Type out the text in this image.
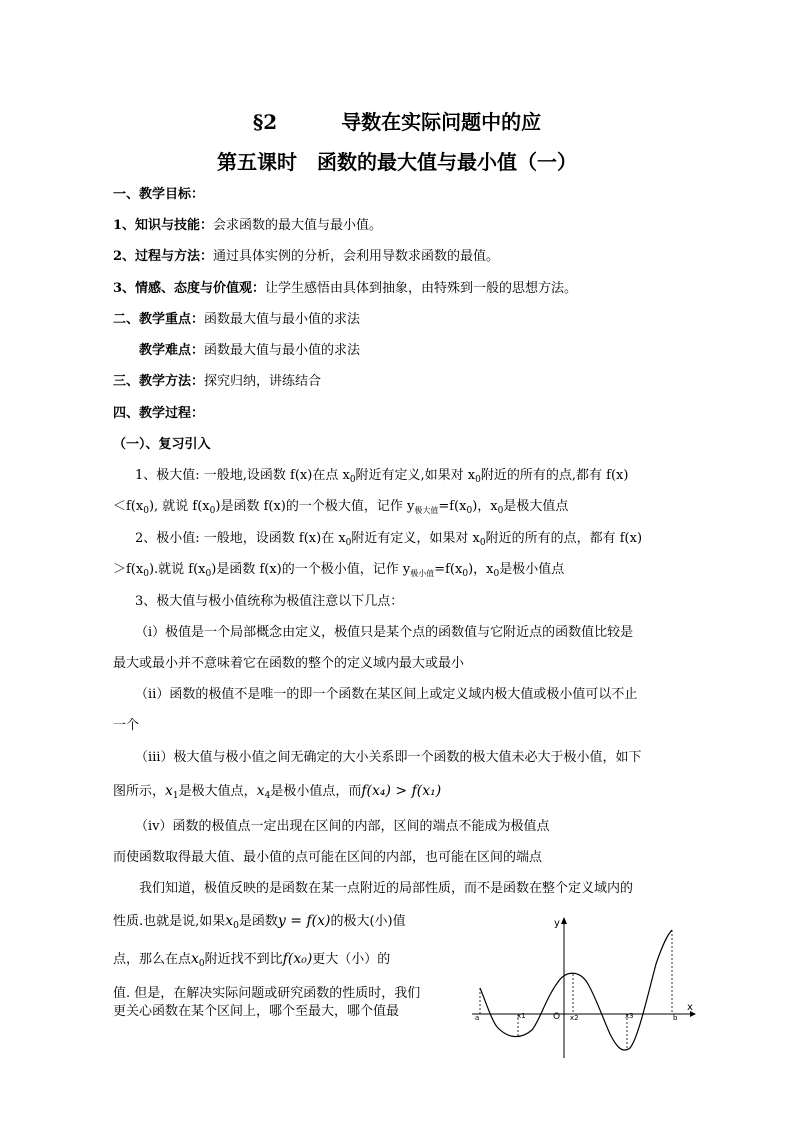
§2	导数在实际问题中的应
第五课时　函数的最大值与最小值（一）
一、教学目标：
1、知识与技能：会求函数的最大值与最小值。
2、过程与方法：通过具体实例的分析，会利用导数求函数的最值。
3、情感、态度与价值观：让学生感悟由具体到抽象，由特殊到一般的思想方法。
二、教学重点：函数最大值与最小值的求法
教学难点：函数最大值与最小值的求法
三、教学方法：探究归纳，讲练结合
四、教学过程：
（一）、复习引入
1、极大值: 一般地,设函数 f(x)在点 $x_0$附近有定义,如果对 $x_0$附近的所有的点,都有 f(x)
$<f(x_0)$, 就说 $f(x_0)$是函数 f(x)的一个极大值，记作 $y_{极大值}=f(x_0)$，$x_0$是极大值点
2、极小值: 一般地，设函数 f(x)在 $x_0$附近有定义，如果对 $x_0$附近的所有的点，都有 f(x)
$>f(x_0)$.就说 $f(x_0)$是函数 f(x)的一个极小值，记作 $y_{极小值}=f(x_0)$，$x_0$是极小值点
3、极大值与极小值统称为极值注意以下几点：
（ⅰ）极值是一个局部概念由定义，极值只是某个点的函数值与它附近点的函数值比较是
最大或最小并不意味着它在函数的整个的定义域内最大或最小
（ⅱ）函数的极值不是唯一的即一个函数在某区间上或定义域内极大值或极小值可以不止
一个
（ⅲ）极大值与极小值之间无确定的大小关系即一个函数的极大值未必大于极小值，如下
图所示，$x_1$是极大值点，$x_4$是极小值点，而f(x₄) > f(x₁)
（ⅳ）函数的极值点一定出现在区间的内部，区间的端点不能成为极值点
而使函数取得最大值、最小值的点可能在区间的内部，也可能在区间的端点
我们知道，极值反映的是函数在某一点附近的局部性质，而不是函数在整个定义域内的
性质.也就是说,如果$x_0$是函数y = f(x)的极大(小)值
点，那么在点$x_0$附近找不到比f(x₀)更大（小）的
值. 但是，在解决实际问题或研究函数的性质时，我们
更关心函数在某个区间上，哪个至最大，哪个值最
y
x
a	x1	O x2	x3	b
